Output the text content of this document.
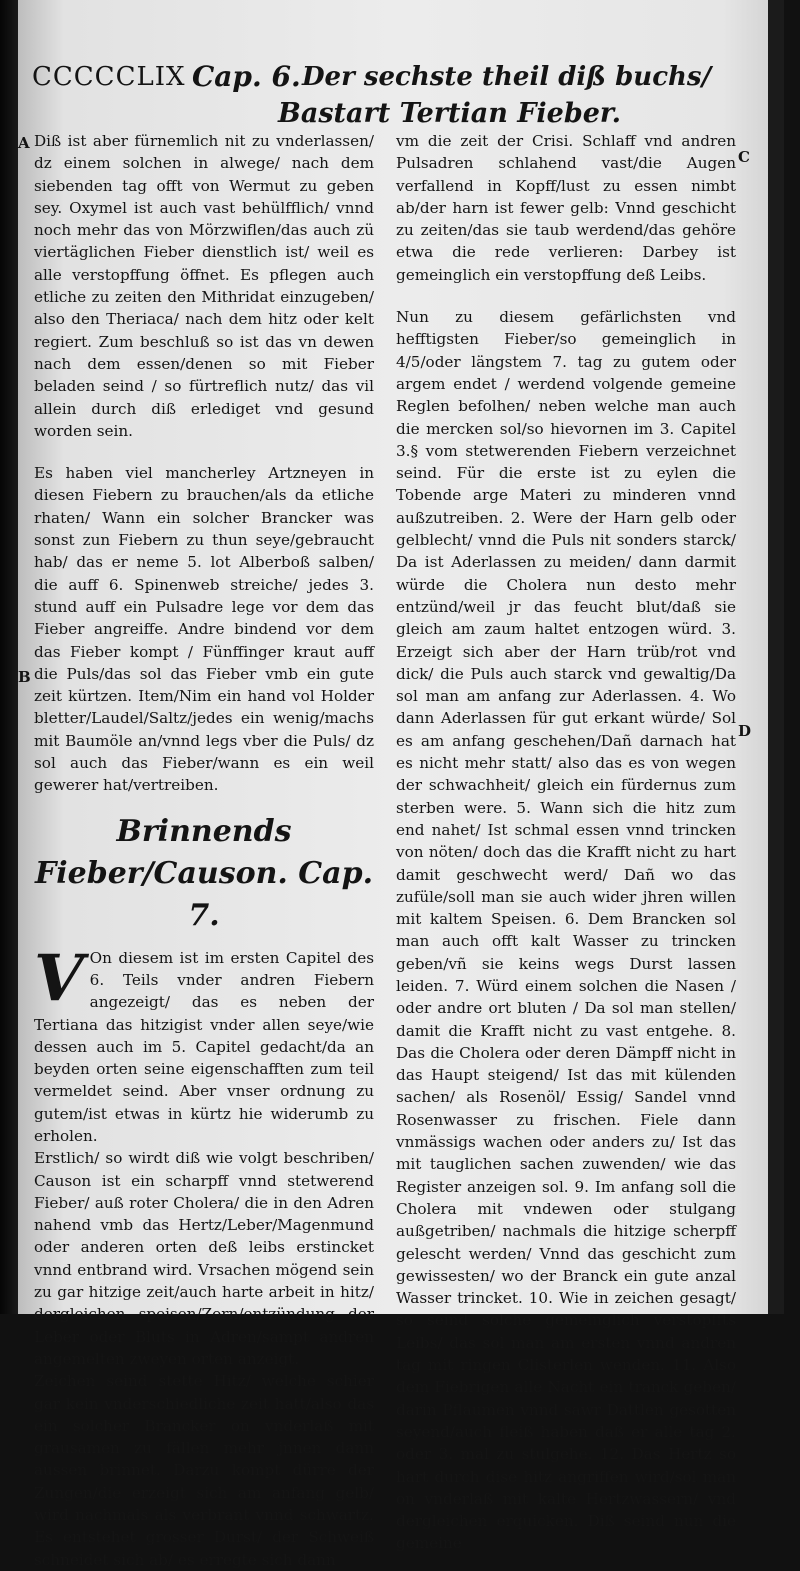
CCCCCLIX Cap. 6. Der sechste theil diß buchs/
Bastart Tertian Fieber.
A
B
C
D

Diß ist aber fürnemlich nit zu vnderlassen/ dz einem solchen in alwege/ nach dem siebenden tag offt von Wermut zu geben sey. Oxymel ist auch vast behülfflich/ vnnd noch mehr das von Mörzwiflen/das auch zü viertäglichen Fieber dienstlich ist/ weil es alle verstopffung öffnet. Es pflegen auch etliche zu zeiten den Mithridat einzugeben/ also den Theriaca/ nach dem hitz oder kelt regiert. Zum beschluß so ist das vn dewen nach dem essen/denen so mit Fieber beladen seind / so fürtreflich nutz/ das vil allein durch diß erlediget vnd gesund worden sein.

Es haben viel mancherley Artzneyen in diesen Fiebern zu brauchen/als da etliche rhaten/ Wann ein solcher Brancker was sonst zun Fiebern zu thun seye/gebraucht hab/ das er neme 5. lot Alberboß salben/ die auff 6. Spinenweb streiche/ jedes 3. stund auff ein Pulsadre lege vor dem das Fieber angreiffe. Andre bindend vor dem das Fieber kompt / Fünffinger kraut auff die Puls/das sol das Fieber vmb ein gute zeit kürtzen. Item/Nim ein hand vol Holder bletter/Laudel/Saltz/jedes ein wenig/machs mit Baumöle an/vnnd legs vber die Puls/ dz sol auch das Fieber/wann es ein weil gewerer hat/vertreiben.

Brinnends Fieber/Causon. Cap. 7.

V On diesem ist im ersten Capitel des 6. Teils vnder andren Fiebern angezeigt/ das es neben der Tertiana das hitzigist vnder allen seye/wie dessen auch im 5. Capitel gedacht/da an beyden orten seine eigenschafften zum teil vermeldet seind. Aber vnser ordnung zu gutem/ist etwas in kürtz hie widerumb zu erholen.

Erstlich/ so wirdt diß wie volgt beschriben/ Causon ist ein scharpff vnnd stetwerend Fieber/ auß roter Cholera/ die in den Adren nahend vmb das Hertz/Leber/Magenmund oder anderen orten deß leibs erstincket vnnd entbrand wird. Vrsachen mögend sein zu gar hitzige zeit/auch harte arbeit in hitz/ dergleichen speisen/Zorn/entzündung der Leber oder Bluts in Adren/sampt andren angemelten zweyen orten anzeigt.

Zeichen seind stette Hitz/ welche schier gar kein vnderschiedliche zeit hatt/also das ein solcher Brancker on vnderlaß mit grausamen zu fällen mehr jnnen dann aussen brinnet. Darzu kompt dürre der Zungen/die erzeigt sich am anfang gelb/ wird nachmals als verbrant vnnd schwartz. Es entstehet grosser Durst/ der Schweiß schneidet sich ab/ es erregte sich dann

vm die zeit der Crisi. Schlaff vnd andren Pulsadren schlahend vast/die Augen verfallend in Kopff/lust zu essen nimbt ab/der harn ist fewer gelb: Vnnd geschicht zu zeiten/das sie taub werdend/das gehöre etwa die rede verlieren: Darbey ist gemeinglich ein verstopffung deß Leibs.

Nun zu diesem gefärlichsten vnd hefftigsten Fieber/so gemeinglich in 4/5/oder längstem 7. tag zu gutem oder argem endet / werdend volgende gemeine Reglen befolhen/ neben welche man auch die mercken sol/so hievornen im 3. Capitel 3.§ vom stetwerenden Fiebern verzeichnet seind. Für die erste ist zu eylen die Tobende arge Materi zu minderen vnnd außzutreiben. 2. Were der Harn gelb oder gelblecht/ vnnd die Puls nit sonders starck/ Da ist Aderlassen zu meiden/ dann darmit würde die Cholera nun desto mehr entzünd/weil jr das feucht blut/daß sie gleich am zaum haltet entzogen würd. 3. Erzeigt sich aber der Harn trüb/rot vnd dick/ die Puls auch starck vnd gewaltig/Da sol man am anfang zur Aderlassen. 4. Wo dann Aderlassen für gut erkant würde/ Sol es am anfang geschehen/Dañ darnach hat es nicht mehr statt/ also das es von wegen der schwachheit/ gleich ein fürdernus zum sterben were. 5. Wann sich die hitz zum end nahet/ Ist schmal essen vnnd trincken von nöten/ doch das die Krafft nicht zu hart damit geschwecht werd/ Dañ wo das zufüle/soll man sie auch wider jhren willen mit kaltem Speisen. 6. Dem Brancken sol man auch offt kalt Wasser zu trincken geben/vñ sie keins wegs Durst lassen leiden. 7. Würd einem solchen die Nasen / oder andre ort bluten / Da sol man stellen/ damit die Krafft nicht zu vast entgehe. 8. Das die Cholera oder deren Dämpff nicht in das Haupt steigend/ Ist das mit külenden sachen/ als Rosenöl/ Essig/ Sandel vnnd Rosenwasser zu frischen. Fiele dann vnmässigs wachen oder anders zu/ Ist das mit tauglichen sachen zuwenden/ wie das Register anzeigen sol. 9. Im anfang soll die Cholera mit vndewen oder stulgang außgetriben/ nachmals die hitzige scherpff gelescht werden/ Vnnd das geschicht zum gewissesten/ wo der Branck ein gute anzal Wasser trincket. 10. Wie in zeichen gesagt/ so seind solche gemeinglich verstopffts Leibs/ das sol man am ersten vnnd andren tag mit ringen Clisterlen wenden. 11. Also dem Fiebrigen alle Nacht ein tranck geben/ darin Pflaumen vnnd sawr Dattlen gesotten seyend/auch fleiß haben daß er alle tag 2. oder 3. mal zu stulgehe. 12. Das Hertz so hart durch dise hitz angriffen wird/sol man on vnderlaß mit kalte Hertzwassern/ vnd dergleichen erquicken. Diß seind nun die gemeine
